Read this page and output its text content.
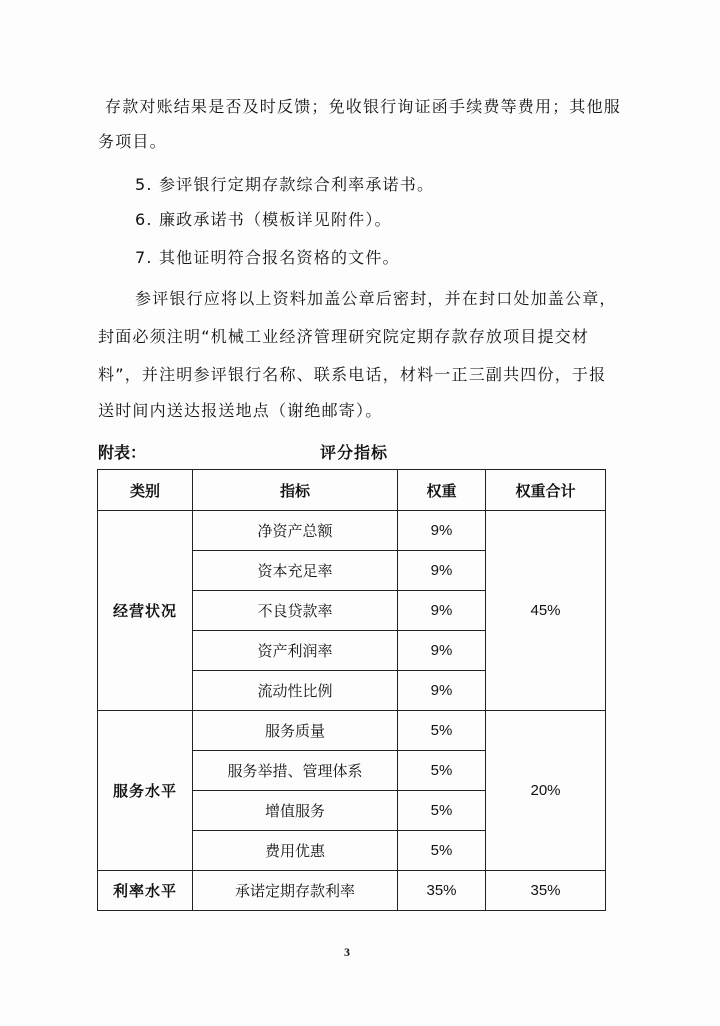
存款对账结果是否及时反馈；免收银行询证函手续费等费用；其他服
务项目。
5. 参评银行定期存款综合利率承诺书。
6. 廉政承诺书（模板详见附件）。
7. 其他证明符合报名资格的文件。
参评银行应将以上资料加盖公章后密封，并在封口处加盖公章，
封面必须注明“机械工业经济管理研究院定期存款存放项目提交材
料”，并注明参评银行名称、联系电话，材料一正三副共四份，于报
送时间内送达报送地点（谢绝邮寄）。
附表：	评分指标
类别	指标	权重	权重合计
经营状况	净资产总额	9%	45%
	资本充足率	9%	
	不良贷款率	9%	
	资产利润率	9%	
	流动性比例	9%	
服务水平	服务质量	5%	20%
	服务举措、管理体系	5%	
	增值服务	5%	
	费用优惠	5%	
利率水平	承诺定期存款利率	35%	35%
3
